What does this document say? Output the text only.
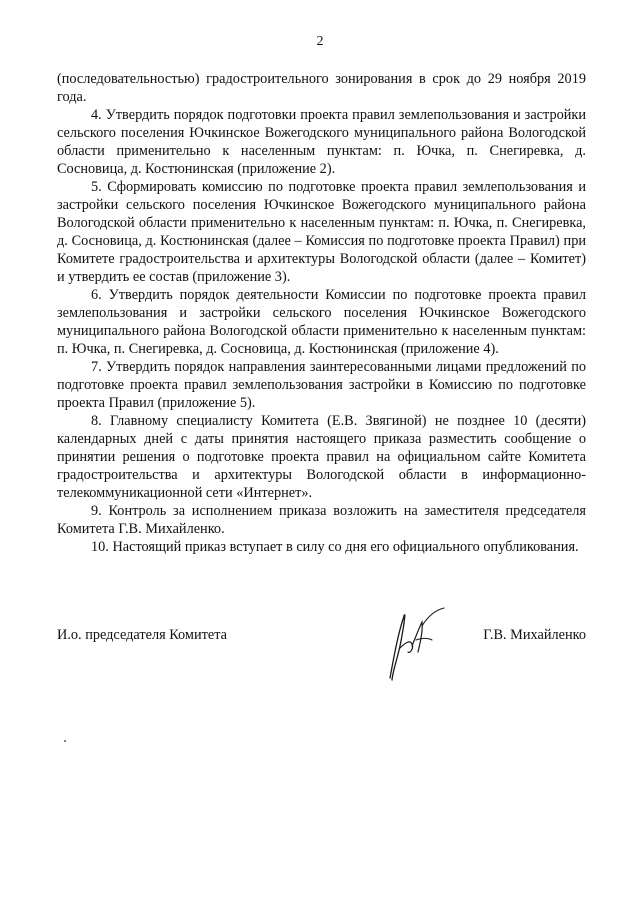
2

(последовательностью) градостроительного зонирования в срок до 29 ноября 2019 года.

4. Утвердить порядок подготовки проекта правил землепользования и застройки сельского поселения Ючкинское Вожегодского муниципального района Вологодской области применительно к населенным пунктам: п. Ючка, п. Снегиревка, д. Сосновица, д. Костюнинская (приложение 2).

5. Сформировать комиссию по подготовке проекта правил землепользования и застройки сельского поселения Ючкинское Вожегодского муниципального района Вологодской области применительно к населенным пунктам: п. Ючка, п. Снегиревка, д. Сосновица, д. Костюнинская (далее – Комиссия по подготовке проекта Правил) при Комитете градостроительства и архитектуры Вологодской области (далее – Комитет) и утвердить ее состав (приложение 3).

6. Утвердить порядок деятельности Комиссии по подготовке проекта правил землепользования и застройки сельского поселения Ючкинское Вожегодского муниципального района Вологодской области применительно к населенным пунктам: п. Ючка, п. Снегиревка, д. Сосновица, д. Костюнинская (приложение 4).

7. Утвердить порядок направления заинтересованными лицами предложений по подготовке проекта правил землепользования застройки в Комиссию по подготовке проекта Правил (приложение 5).

8. Главному специалисту Комитета (Е.В. Звягиной) не позднее 10 (десяти) календарных дней с даты принятия настоящего приказа разместить сообщение о принятии решения о подготовке проекта правил на официальном сайте Комитета градостроительства и архитектуры Вологодской области в информационно-телекоммуникационной сети «Интернет».

9. Контроль за исполнением приказа возложить на заместителя председателя Комитета Г.В. Михайленко.

10. Настоящий приказ вступает в силу со дня его официального опубликования.

И.о. председателя Комитета	Г.В. Михайленко
